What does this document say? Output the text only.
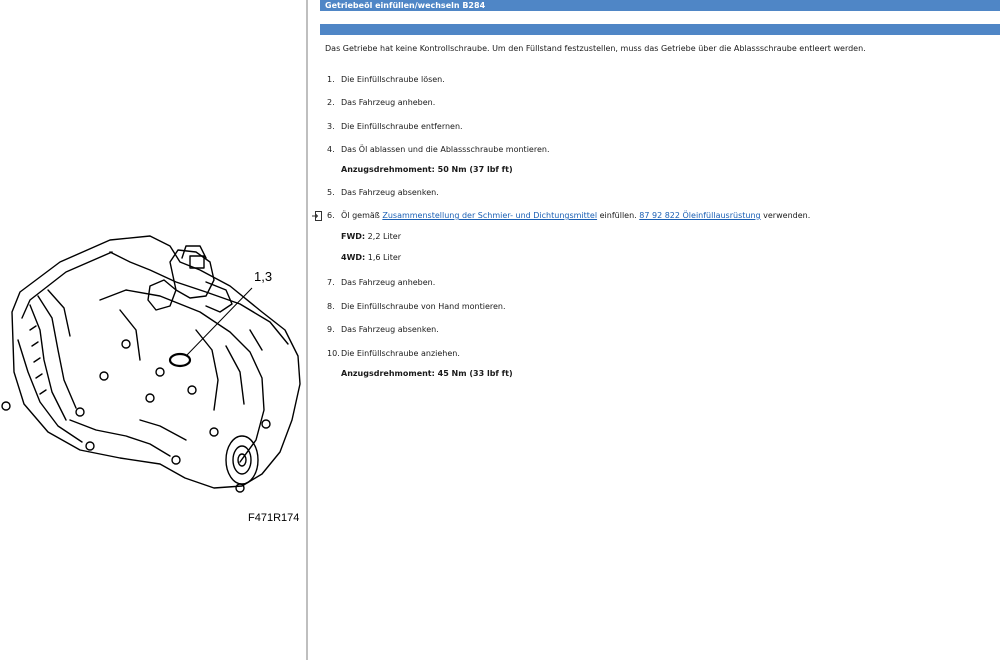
1,3
F471R174
Getriebeöl einfüllen/wechseln B284

Das Getriebe hat keine Kontrollschraube. Um den Füllstand festzustellen, muss das Getriebe über die Ablassschraube entleert werden.

1. Die Einfüllschraube lösen.
2. Das Fahrzeug anheben.
3. Die Einfüllschraube entfernen.
4. Das Öl ablassen und die Ablassschraube montieren.
Anzugsdrehmoment: 50 Nm (37 lbf ft)
5. Das Fahrzeug absenken.
6. Öl gemäß Zusammenstellung der Schmier- und Dichtungsmittel einfüllen. 87 92 822 Öleinfüllausrüstung verwenden.
FWD: 2,2 Liter
4WD: 1,6 Liter
7. Das Fahrzeug anheben.
8. Die Einfüllschraube von Hand montieren.
9. Das Fahrzeug absenken.
10. Die Einfüllschraube anziehen.
Anzugsdrehmoment: 45 Nm (33 lbf ft)
